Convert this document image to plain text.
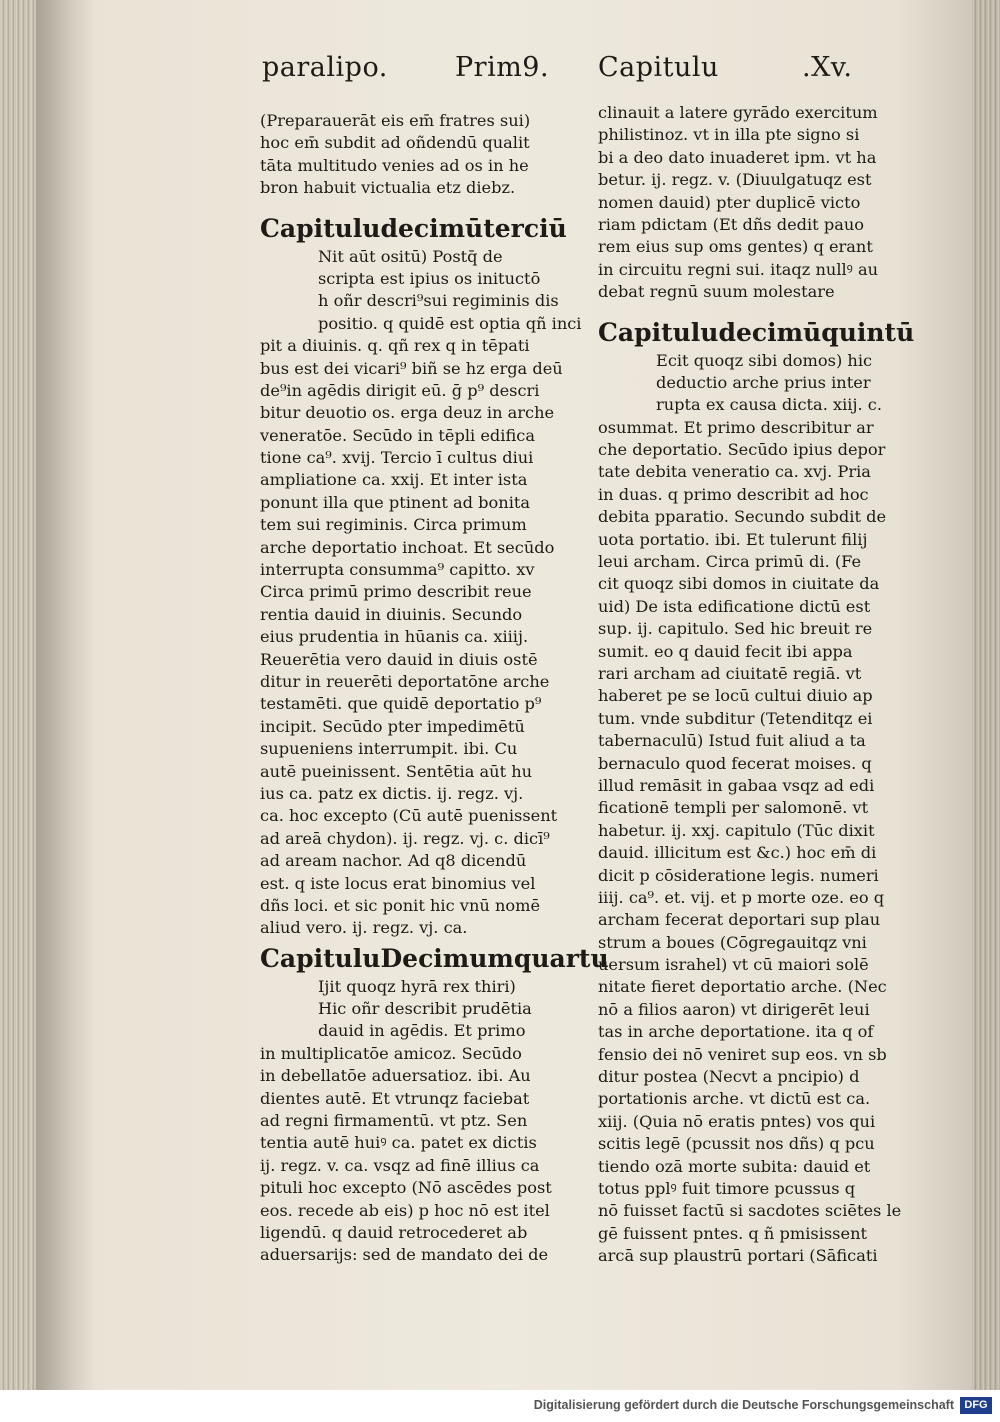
paralipo. Prim9. Capitulu	.Xv.
(Preparauerāt eis em̄ fratres sui)
hoc em̄ subdit ad oñdendū qualit
tāta multitudo venies ad os in he
bron habuit victualia etz diebz.
Capitulu decimūterciū
Nit aūt ositū) Postq̄ de
scripta est ipius os inituctō
h oñr descri⁹sui regiminis dis
positio. q quidē est optia qñ inci
pit a diuinis. q. qñ rex q in tēpati
bus est dei vicari⁹ biñ se hz erga deū
de⁹in agēdis dirigit eū. ḡ p⁹ descri
bitur deuotio os. erga deuz in arche
veneratōe. Secūdo in tēpli edifica
tione ca⁹. xvij. Tercio ī cultus diui
ampliatione ca. xxij. Et inter ista
ponunt illa que ptinent ad bonita
tem sui regiminis. Circa primum
arche deportatio inchoat. Et secūdo
interrupta consumma⁹ capitto. xv
Circa primū primo describit reue
rentia dauid in diuinis. Secundo
eius prudentia in hūanis ca. xiiij.
Reuerētia vero dauid in diuis ostē
ditur in reuerēti deportatōne arche
testamēti. que quidē deportatio p⁹
incipit. Secūdo pter impedimētū
supueniens interrumpit. ibi. Cu
autē pueinissent. Sentētia aūt hu
ius ca. patz ex dictis. ij. regz. vj.
ca. hoc excepto (Cū autē puenissent
ad areā chydon). ij. regz. vj. c. dicī⁹
ad aream nachor. Ad q8 dicendū
est. q iste locus erat binomius vel
dñs loci. et sic ponit hic vnū nomē
aliud vero. ij. regz. vj. ca.
Capitulu Decimumquartu
Ijit quoqz hyrā rex thiri)
Hic oñr describit prudētia
dauid in agēdis. Et primo
in multiplicatōe amicoz. Secūdo
in debellatōe aduersatioz. ibi. Au
dientes autē. Et vtrunqz faciebat
ad regni firmamentū. vt ptz. Sen
tentia autē huiꝰ ca. patet ex dictis
ij. regz. v. ca. vsqz ad finē illius ca
pituli hoc excepto (Nō ascēdes post
eos. recede ab eis) p hoc nō est itel
ligendū. q dauid retrocederet ab
aduersarijs: sed de mandato dei de
clinauit a latere gyrādo exercitum
philistinoz. vt in illa pte signo si
bi a deo dato inuaderet ipm. vt ha
betur. ij. regz. v. (Diuulgatuqz est
nomen dauid) pter duplicē victo
riam pdictam (Et dñs dedit pauo
rem eius sup oms gentes) q erant
in circuitu regni sui. itaqz nullꝰ au
debat regnū suum molestare
Capitulu decimūquintū
Ecit quoqz sibi domos) hic
deductio arche prius inter
rupta ex causa dicta. xiij. c.
osummat. Et primo describitur ar
che deportatio. Secūdo ipius depor
tate debita veneratio ca. xvj. Pria
in duas. q primo describit ad hoc
debita pparatio. Secundo subdit de
uota portatio. ibi. Et tulerunt filij
leui archam. Circa primū di. (Fe
cit quoqz sibi domos in ciuitate da
uid) De ista edificatione dictū est
sup. ij. capitulo. Sed hic breuit re
sumit. eo q dauid fecit ibi appa
rari archam ad ciuitatē regiā. vt
haberet pe se locū cultui diuio ap
tum. vnde subditur (Tetenditqz ei
tabernaculū) Istud fuit aliud a ta
bernaculo quod fecerat moises. q
illud remāsit in gabaa vsqz ad edi
ficationē templi per salomonē. vt
habetur. ij. xxj. capitulo (Tūc dixit
dauid. illicitum est &c.) hoc em̄ di
dicit p cōsideratione legis. numeri
iiij. ca⁹. et. vij. et p morte oze. eo q
archam fecerat deportari sup plau
strum a boues (Cōgregauitqz vni
uersum israhel) vt cū maiori solē
nitate fieret deportatio arche. (Nec
nō a filios aaron) vt dirigerēt leui
tas in arche deportatione. ita q of
fensio dei nō veniret sup eos. vn sb
ditur postea (Necvt a pncipio) d
portationis arche. vt dictū est ca.
xiij. (Quia nō eratis pntes) vos qui
scitis legē (pcussit nos dñs) q pcu
tiendo ozā morte subita: dauid et
totus pplꝰ fuit timore pcussus q
nō fuisset factū si sacdotes sciētes le
gē fuissent pntes. q ñ pmisissent
arcā sup plaustrū portari (Sāficati
Digitalisierung gefördert durch die Deutsche Forschungsgemeinschaft DFG
